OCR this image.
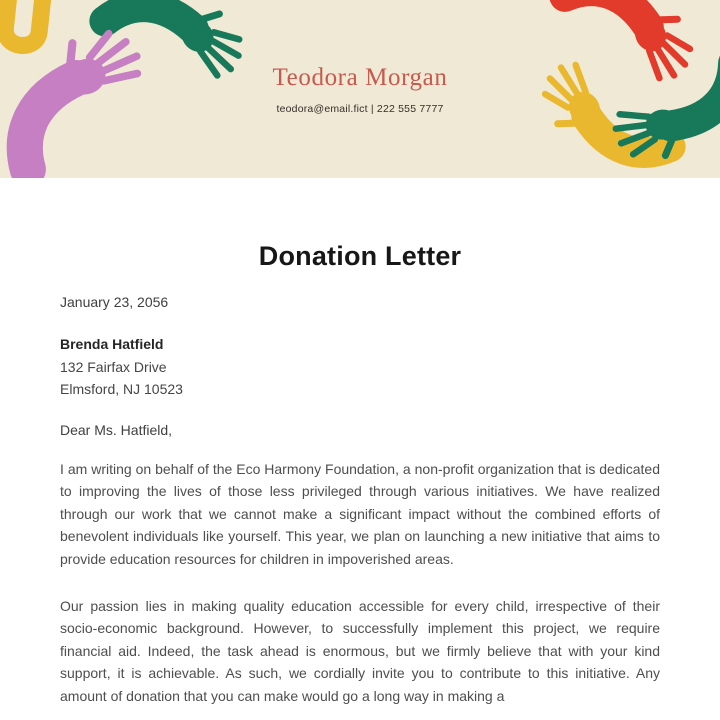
Teodora Morgan
teodora@email.fict | 222 555 7777
Donation Letter

January 23, 2056

Brenda Hatfield

132 Fairfax Drive

Elmsford, NJ 10523

Dear Ms. Hatfield,

I am writing on behalf of the Eco Harmony Foundation, a non-profit organization that is dedicated to improving the lives of those less privileged through various initiatives. We have realized through our work that we cannot make a significant impact without the combined efforts of benevolent individuals like yourself. This year, we plan on launching a new initiative that aims to provide education resources for children in impoverished areas.

Our passion lies in making quality education accessible for every child, irrespective of their socio-economic background. However, to successfully implement this project, we require financial aid. Indeed, the task ahead is enormous, but we firmly believe that with your kind support, it is achievable. As such, we cordially invite you to contribute to this initiative. Any amount of donation that you can make would go a long way in making a
